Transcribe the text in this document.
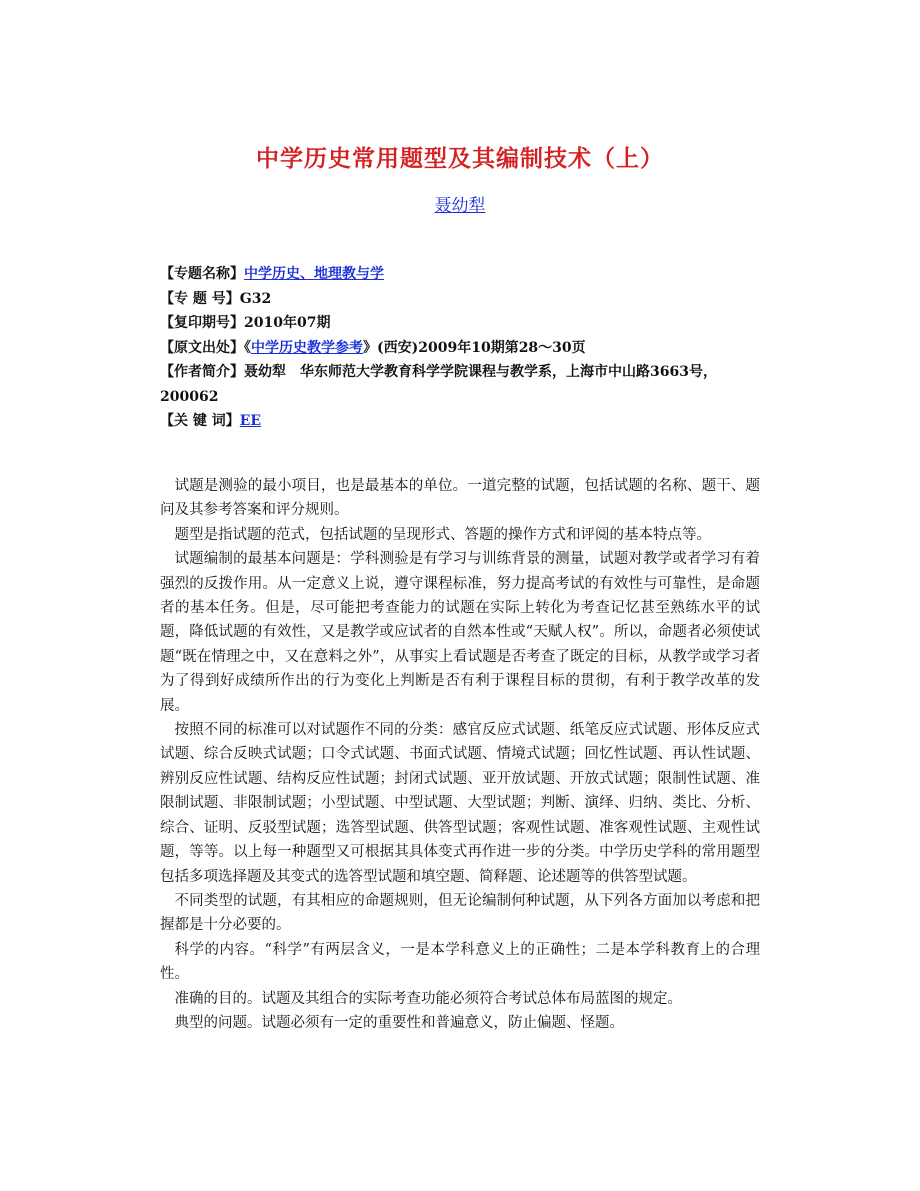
中学历史常用题型及其编制技术（上）
聂幼犁
【专题名称】中学历史、地理教与学
【专 题 号】G32
【复印期号】2010年07期
【原文出处】《中学历史教学参考》(西安)2009年10期第28～30页
【作者简介】聂幼犁　华东师范大学教育科学学院课程与教学系，上海市中山路3663号，200062
【关 键 词】EE

试题是测验的最小项目，也是最基本的单位。一道完整的试题，包括试题的名称、题干、题问及其参考答案和评分规则。

题型是指试题的范式，包括试题的呈现形式、答题的操作方式和评阅的基本特点等。

试题编制的最基本问题是：学科测验是有学习与训练背景的测量，试题对教学或者学习有着强烈的反拨作用。从一定意义上说，遵守课程标准，努力提高考试的有效性与可靠性，是命题者的基本任务。但是，尽可能把考查能力的试题在实际上转化为考查记忆甚至熟练水平的试题，降低试题的有效性，又是教学或应试者的自然本性或“天赋人权”。所以，命题者必须使试题“既在情理之中，又在意料之外”，从事实上看试题是否考查了既定的目标，从教学或学习者为了得到好成绩所作出的行为变化上判断是否有利于课程目标的贯彻，有利于教学改革的发展。

按照不同的标准可以对试题作不同的分类：感官反应式试题、纸笔反应式试题、形体反应式试题、综合反映式试题；口令式试题、书面式试题、情境式试题；回忆性试题、再认性试题、辨别反应性试题、结构反应性试题；封闭式试题、亚开放试题、开放式试题；限制性试题、准限制试题、非限制试题；小型试题、中型试题、大型试题；判断、演绎、归纳、类比、分析、综合、证明、反驳型试题；选答型试题、供答型试题；客观性试题、准客观性试题、主观性试题，等等。以上每一种题型又可根据其具体变式再作进一步的分类。中学历史学科的常用题型包括多项选择题及其变式的选答型试题和填空题、简释题、论述题等的供答型试题。

不同类型的试题，有其相应的命题规则，但无论编制何种试题，从下列各方面加以考虑和把握都是十分必要的。

科学的内容。“科学”有两层含义，一是本学科意义上的正确性；二是本学科教育上的合理性。

准确的目的。试题及其组合的实际考查功能必须符合考试总体布局蓝图的规定。

典型的问题。试题必须有一定的重要性和普遍意义，防止偏题、怪题。
